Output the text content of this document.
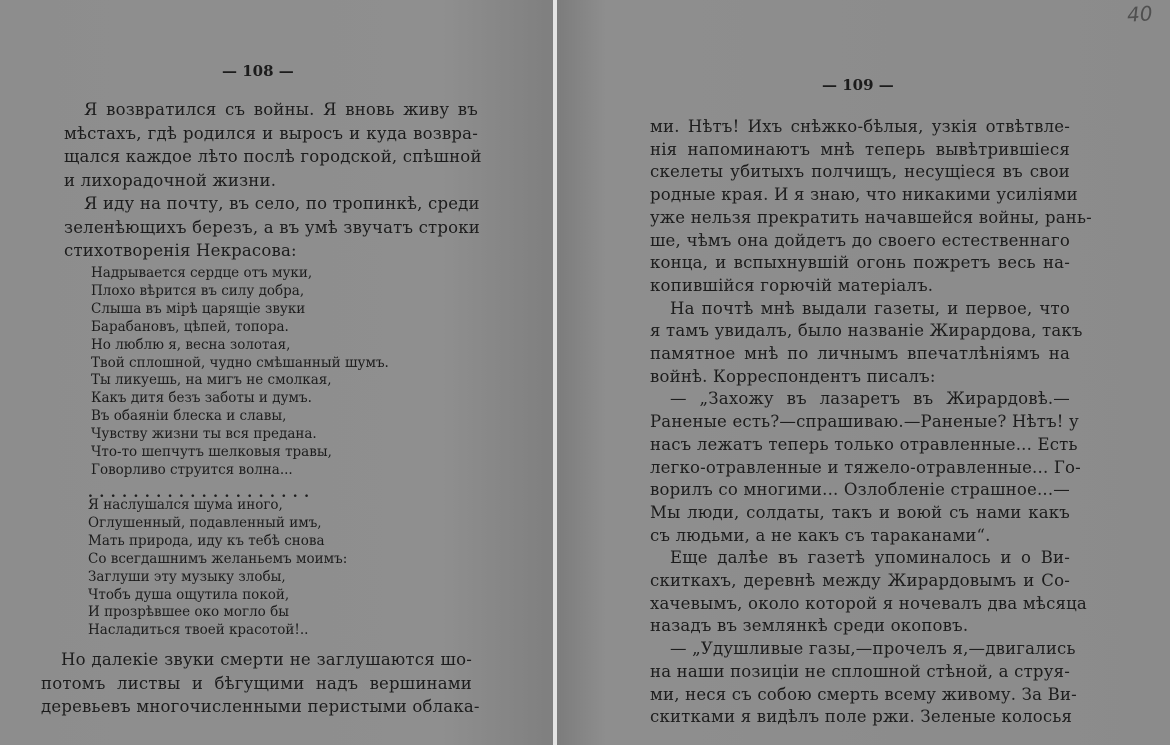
— 108 —
Я возвратился съ войны. Я вновь живу въ
мѣстахъ, гдѣ родился и выросъ и куда возвра-
щался каждое лѣто послѣ городской, спѣшной
и лихорадочной жизни.
Я иду на почту, въ село, по тропинкѣ, среди
зеленѣющихъ березъ, а въ умѣ звучатъ строки
стихотворенія Некрасова:
Надрывается сердце отъ муки,
Плохо вѣрится въ силу добра,
Слыша въ мірѣ царящіе звуки
Барабановъ, цѣпей, топора.
Но люблю я, весна золотая,
Твой сплошной, чудно смѣшанный шумъ.
Ты ликуешь, на мигъ не смолкая,
Какъ дитя безъ заботы и думъ.
Въ обаяніи блеска и славы,
Чувству жизни ты вся предана.
Что-то шепчутъ шелковыя травы,
Говорливо струится волна...
....................
Я наслушался шума иного,
Оглушенный, подавленный имъ,
Мать природа, иду къ тебѣ снова
Со всегдашнимъ желаньемъ моимъ:
Заглуши эту музыку злобы,
Чтобъ душа ощутила покой,
И прозрѣвшее око могло бы
Насладиться твоей красотой!..
Но далекіе звуки смерти не заглушаются шо-
потомъ листвы и бѣгущими надъ вершинами
деревьевъ многочисленными перистыми облака-
— 109 —
40
ми. Нѣтъ! Ихъ снѣжко-бѣлыя, узкія отвѣтвле-
нія напоминаютъ мнѣ теперь вывѣтрившіеся
скелеты убитыхъ полчищъ, несущіеся въ свои
родные края. И я знаю, что никакими усиліями
уже нельзя прекратить начавшейся войны, рань-
ше, чѣмъ она дойдетъ до своего естественнаго
конца, и вспыхнувшій огонь пожретъ весь на-
копившійся горючій матеріалъ.
На почтѣ мнѣ выдали газеты, и первое, что
я тамъ увидалъ, было названіе Жирардова, такъ
памятное мнѣ по личнымъ впечатлѣніямъ на
войнѣ. Корреспондентъ писалъ:
— „Захожу въ лазаретъ въ Жирардовѣ.—
Раненые есть?—спрашиваю.—Раненые? Нѣтъ! у
насъ лежатъ теперь только отравленные... Есть
легко-отравленные и тяжело-отравленные... Го-
ворилъ со многими... Озлобленіе страшное...—
Мы люди, солдаты, такъ и воюй съ нами какъ
съ людьми, а не какъ съ тараканами“.
Еще далѣе въ газетѣ упоминалось и о Ви-
скиткахъ, деревнѣ между Жирардовымъ и Со-
хачевымъ, около которой я ночевалъ два мѣсяца
назадъ въ землянкѣ среди окоповъ.
— „Удушливые газы,—прочелъ я,—двигались
на наши позиціи не сплошной стѣной, а струя-
ми, неся съ собою смерть всему живому. За Ви-
скитками я видѣлъ поле ржи. Зеленые колосья
